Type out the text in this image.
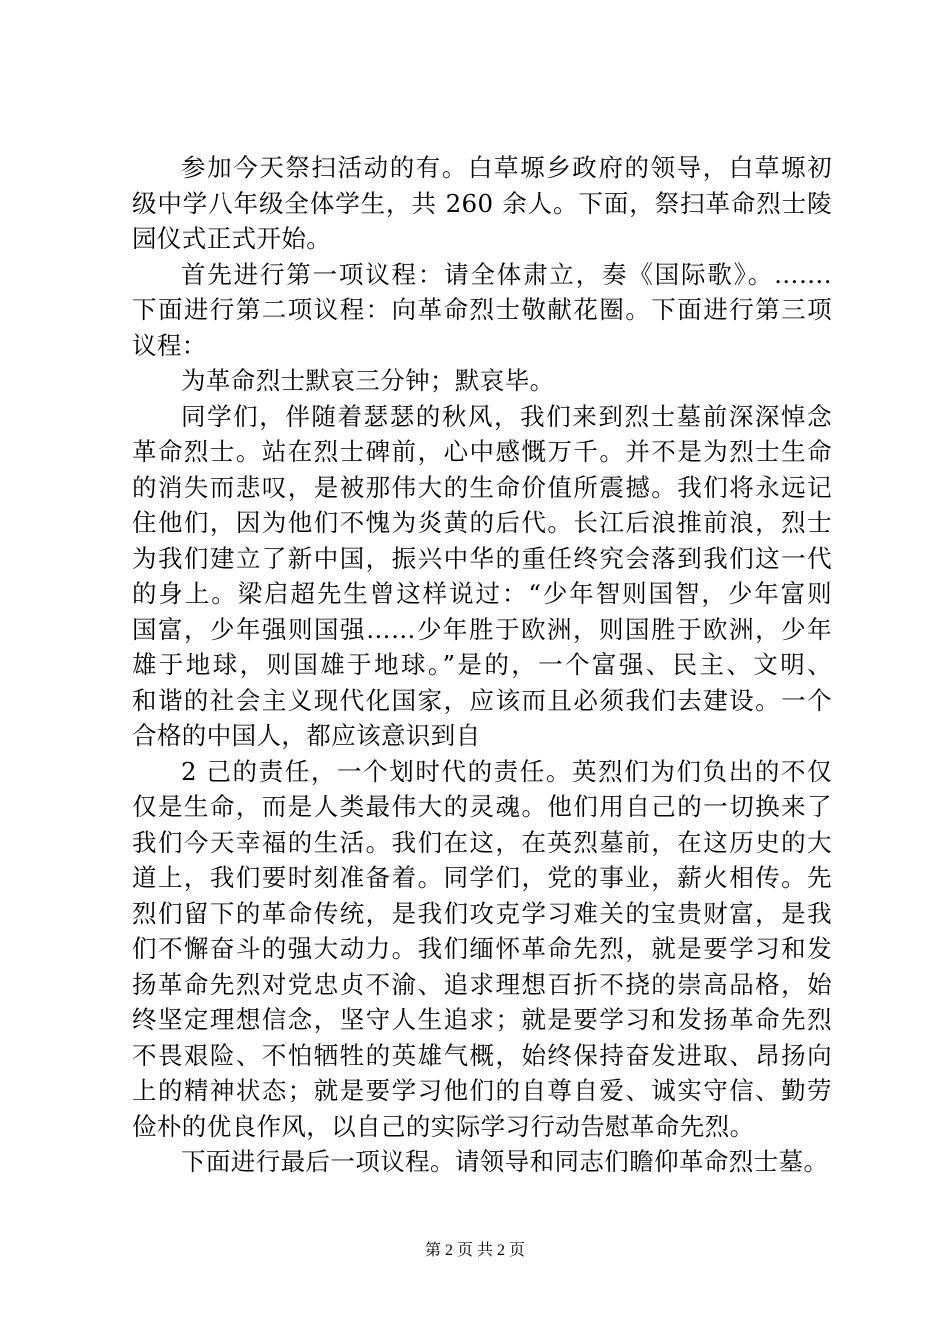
参加今天祭扫活动的有。白草塬乡政府的领导，白草塬初
级中学八年级全体学生，共 260 余人。下面，祭扫革命烈士陵
园仪式正式开始。
首先进行第一项议程：请全体肃立，奏《国际歌》。…….
下面进行第二项议程：向革命烈士敬献花圈。下面进行第三项
议程：
为革命烈士默哀三分钟；默哀毕。
同学们，伴随着瑟瑟的秋风，我们来到烈士墓前深深悼念
革命烈士。站在烈士碑前，心中感慨万千。并不是为烈士生命
的消失而悲叹，是被那伟大的生命价值所震撼。我们将永远记
住他们，因为他们不愧为炎黄的后代。长江后浪推前浪，烈士
为我们建立了新中国，振兴中华的重任终究会落到我们这一代
的身上。梁启超先生曾这样说过：“少年智则国智，少年富则
国富，少年强则国强……少年胜于欧洲，则国胜于欧洲，少年
雄于地球，则国雄于地球。”是的，一个富强、民主、文明、
和谐的社会主义现代化国家，应该而且必须我们去建设。一个
合格的中国人，都应该意识到自
2 己的责任，一个划时代的责任。英烈们为们负出的不仅
仅是生命，而是人类最伟大的灵魂。他们用自己的一切换来了
我们今天幸福的生活。我们在这，在英烈墓前，在这历史的大
道上，我们要时刻准备着。同学们，党的事业，薪火相传。先
烈们留下的革命传统，是我们攻克学习难关的宝贵财富，是我
们不懈奋斗的强大动力。我们缅怀革命先烈，就是要学习和发
扬革命先烈对党忠贞不渝、追求理想百折不挠的崇高品格，始
终坚定理想信念，坚守人生追求；就是要学习和发扬革命先烈
不畏艰险、不怕牺牲的英雄气概，始终保持奋发进取、昂扬向
上的精神状态；就是要学习他们的自尊自爱、诚实守信、勤劳
俭朴的优良作风，以自己的实际学习行动告慰革命先烈。
下面进行最后一项议程。请领导和同志们瞻仰革命烈士墓。
第 2 页 共 2 页
